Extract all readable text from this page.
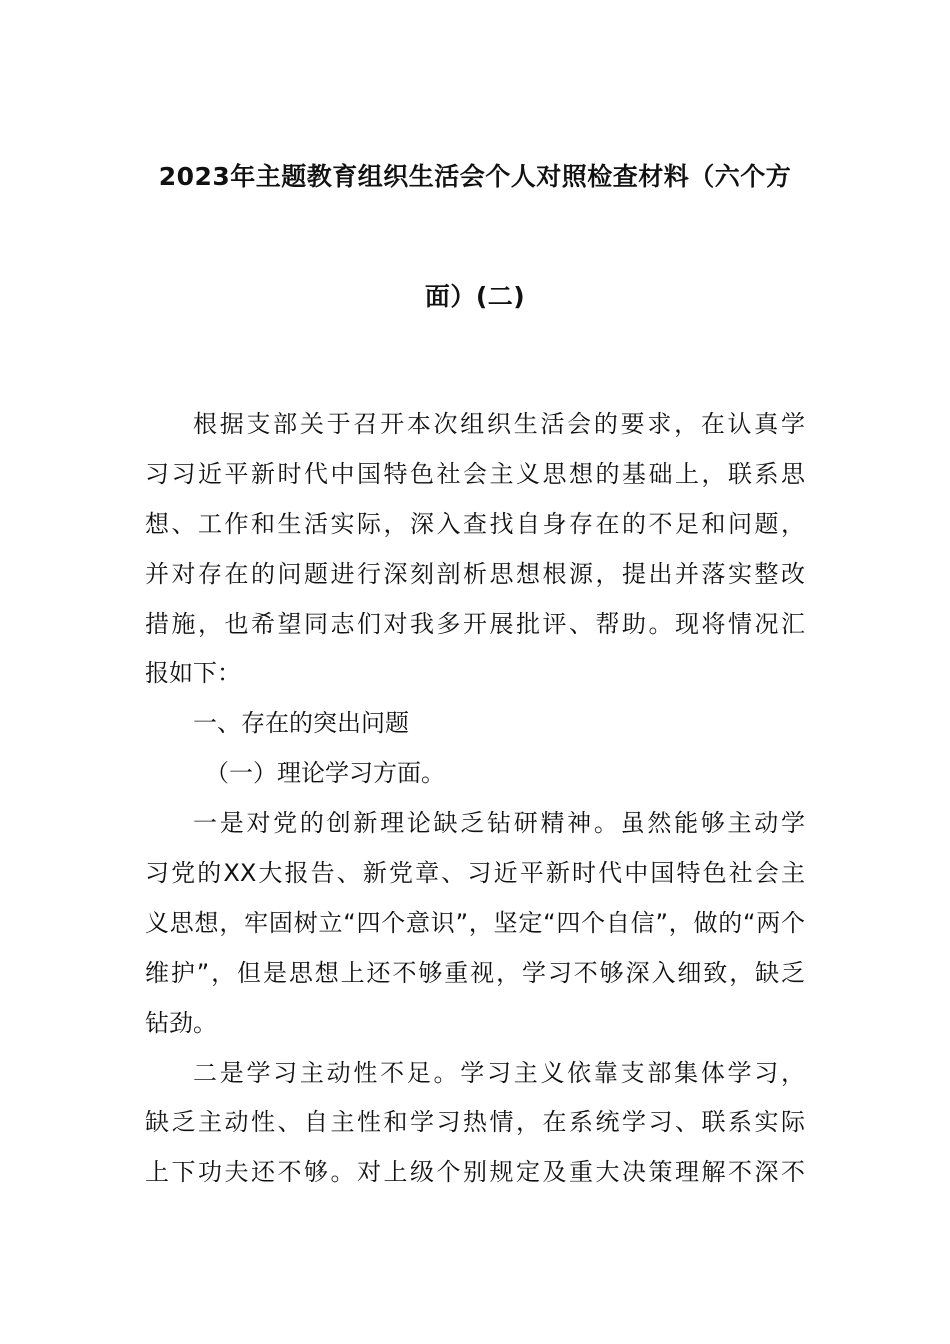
2023年主题教育组织生活会个人对照检查材料（六个方
面）(二)
根据支部关于召开本次组织生活会的要求，在认真学
习习近平新时代中国特色社会主义思想的基础上，联系思
想、工作和生活实际，深入查找自身存在的不足和问题，
并对存在的问题进行深刻剖析思想根源，提出并落实整改
措施，也希望同志们对我多开展批评、帮助。现将情况汇
报如下：
一、存在的突出问题
（一）理论学习方面。
一是对党的创新理论缺乏钻研精神。虽然能够主动学
习党的XX大报告、新党章、习近平新时代中国特色社会主
义思想，牢固树立“四个意识”，坚定“四个自信”，做的“两个
维护”，但是思想上还不够重视，学习不够深入细致，缺乏
钻劲。
二是学习主动性不足。学习主义依靠支部集体学习，
缺乏主动性、自主性和学习热情，在系统学习、联系实际
上下功夫还不够。对上级个别规定及重大决策理解不深不
